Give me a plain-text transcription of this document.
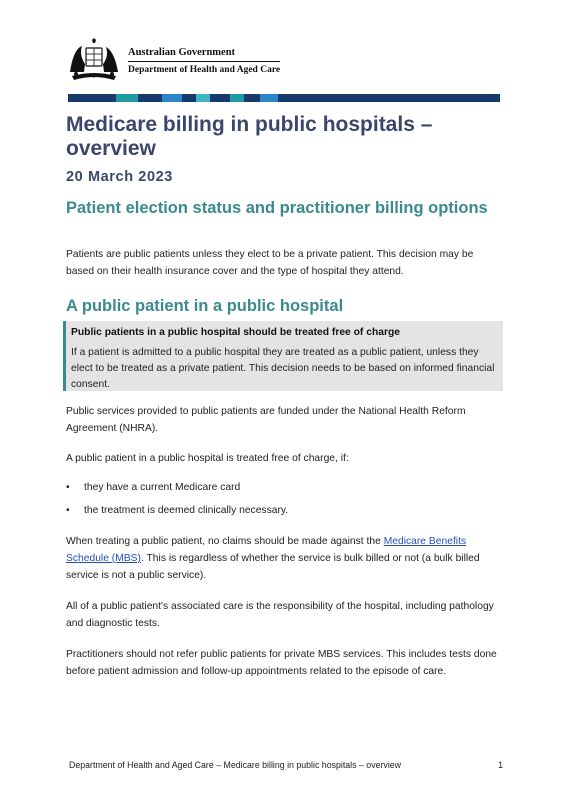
Australian Government
Department of Health and Aged Care
Medicare billing in public hospitals – overview
20 March 2023
Patient election status and practitioner billing options

Patients are public patients unless they elect to be a private patient. This decision may be based on their health insurance cover and the type of hospital they attend.

A public patient in a public hospital
Public patients in a public hospital should be treated free of charge

If a patient is admitted to a public hospital they are treated as a public patient, unless they elect to be treated as a private patient. This decision needs to be based on informed financial consent.

Public services provided to public patients are funded under the National Health Reform Agreement (NHRA).

A public patient in a public hospital is treated free of charge, if:

• they have a current Medicare card
• the treatment is deemed clinically necessary.

When treating a public patient, no claims should be made against the Medicare Benefits Schedule (MBS). This is regardless of whether the service is bulk billed or not (a bulk billed service is not a public service).

All of a public patient's associated care is the responsibility of the hospital, including pathology and diagnostic tests.

Practitioners should not refer public patients for private MBS services. This includes tests done before patient admission and follow-up appointments related to the episode of care.

Department of Health and Aged Care – Medicare billing in public hospitals – overview	1
